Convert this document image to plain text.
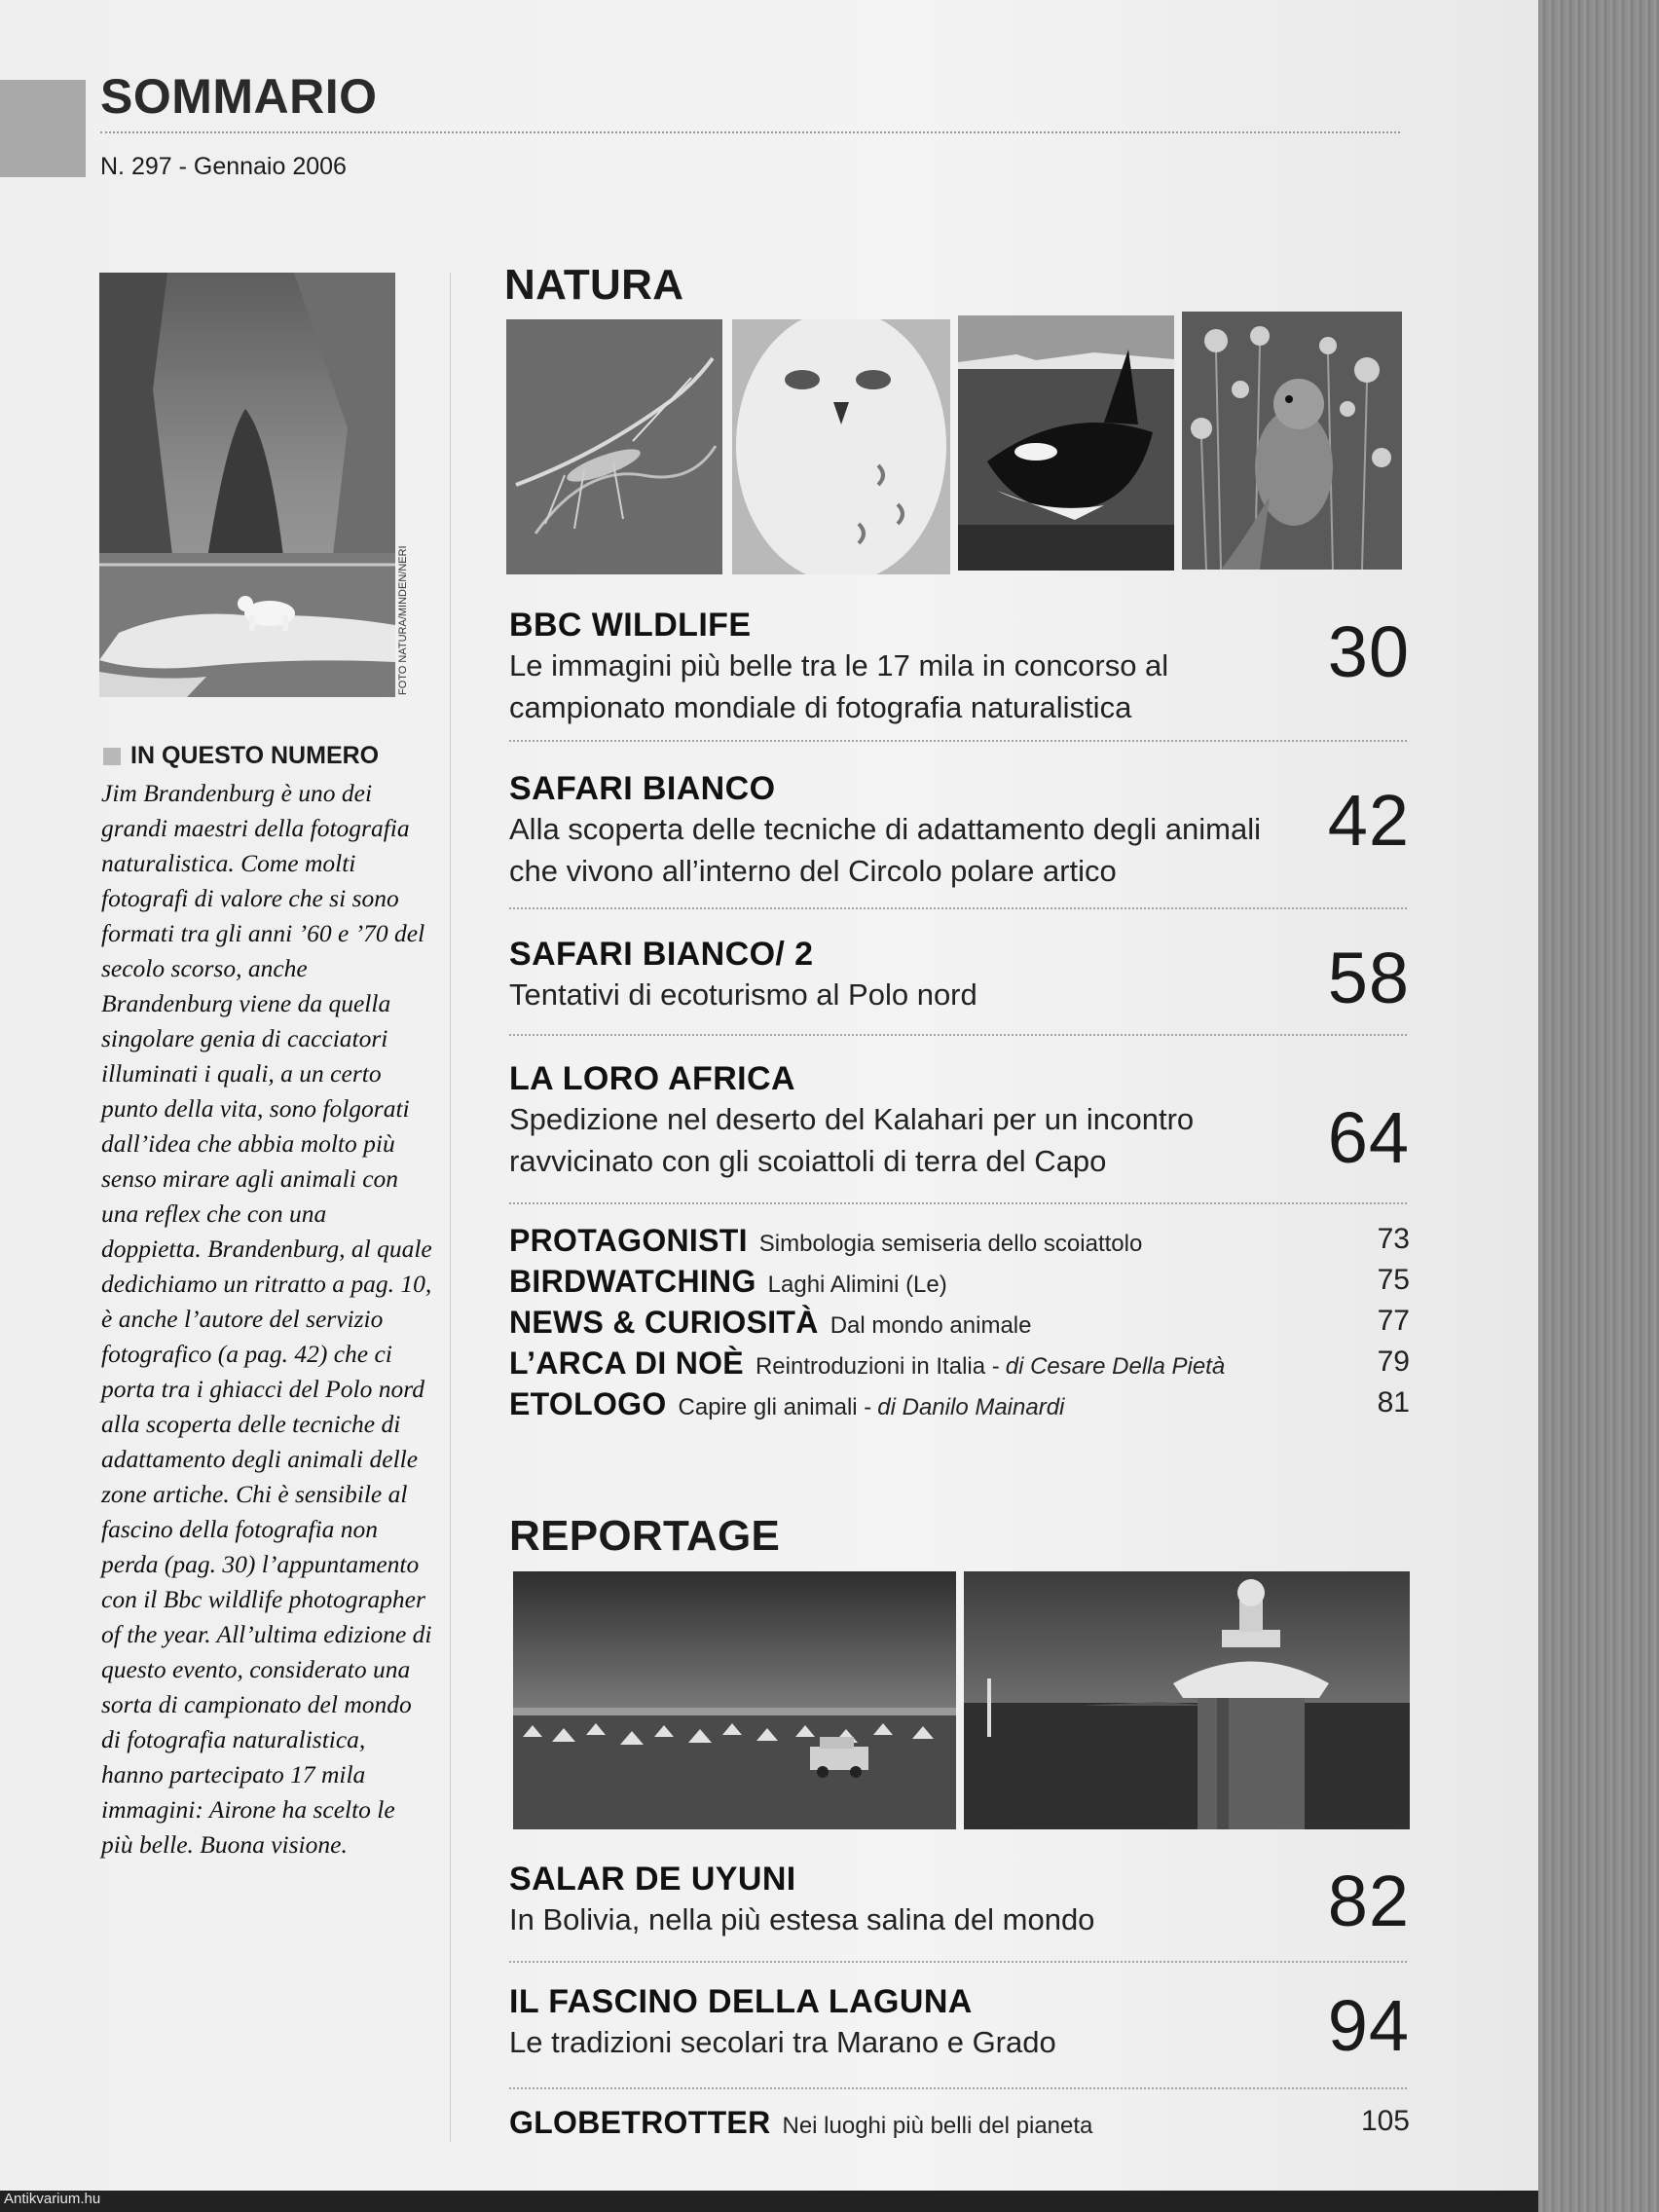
SOMMARIO
N. 297 - Gennaio 2006
FOTO NATURA/MINDEN/NERI
IN QUESTO NUMERO
Jim Brandenburg è uno dei grandi maestri della fotografia naturalistica. Come molti fotografi di valore che si sono formati tra gli anni ’60 e ’70 del secolo scorso, anche Brandenburg viene da quella singolare genia di cacciatori illuminati i quali, a un certo punto della vita, sono folgorati dall’idea che abbia molto più senso mirare agli animali con una reflex che con una doppietta. Brandenburg, al quale dedichiamo un ritratto a pag. 10, è anche l’autore del servizio fotografico (a pag. 42) che ci porta tra i ghiacci del Polo nord alla scoperta delle tecniche di adattamento degli animali delle zone artiche. Chi è sensibile al fascino della fotografia non perda (pag. 30) l’appuntamento con il Bbc wildlife photographer of the year. All’ultima edizione di questo evento, considerato una sorta di campionato del mondo di fotografia naturalistica, hanno partecipato 17 mila immagini: Airone ha scelto le più belle. Buona visione.
NATURA
BBC WILDLIFE
Le immagini più belle tra le 17 mila in concorso al campionato mondiale di fotografia naturalistica
30
SAFARI BIANCO
Alla scoperta delle tecniche di adattamento degli animali che vivono all’interno del Circolo polare artico
42
SAFARI BIANCO/ 2
Tentativi di ecoturismo al Polo nord	58
LA LORO AFRICA
Spedizione nel deserto del Kalahari per un incontro ravvicinato con gli scoiattoli di terra del Capo	64
PROTAGONISTI Simbologia semiseria dello scoiattolo	73
BIRDWATCHING Laghi Alimini (Le)	75
NEWS & CURIOSITÀ Dal mondo animale	77
L’ARCA DI NOÈ Reintroduzioni in Italia - di Cesare Della Pietà	79
ETOLOGO Capire gli animali - di Danilo Mainardi	81
REPORTAGE
SALAR DE UYUNI
In Bolivia, nella più estesa salina del mondo	82
IL FASCINO DELLA LAGUNA
Le tradizioni secolari tra Marano e Grado	94
GLOBETROTTER Nei luoghi più belli del pianeta	105
Antikvarium.hu
